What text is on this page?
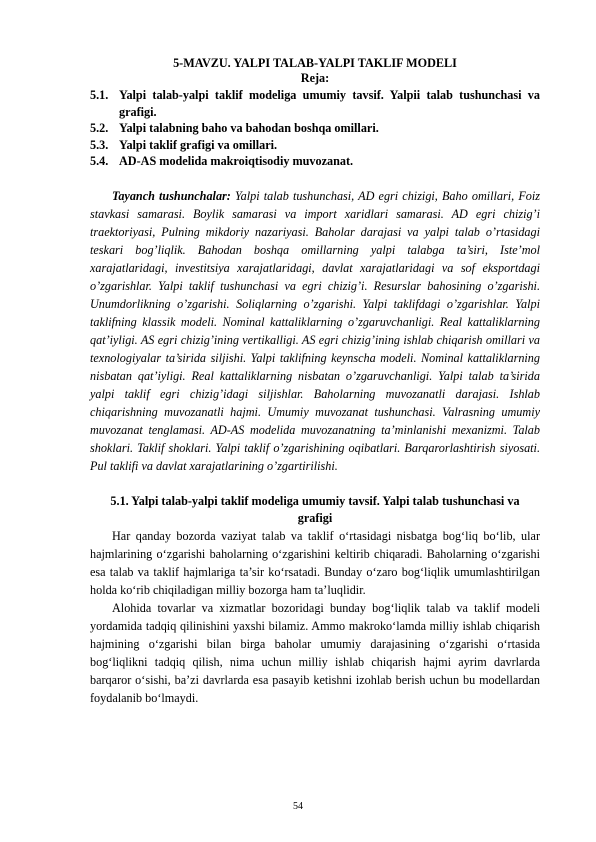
5-MAVZU. YALPI TALAB-YALPI TAKLIF MODELI

Reja:

5.1. Yalpi talab-yalpi taklif modeliga umumiy tavsif. Yalpii talab tushunchasi va grafigi.
5.2. Yalpi talabning baho va bahodan boshqa omillari.
5.3. Yalpi taklif grafigi va omillari.
5.4. AD-AS modelida makroiqtisodiy muvozanat.

Tayanch tushunchalar: Yalpi talab tushunchasi, AD egri chizigi, Baho omillari, Foiz stavkasi samarasi. Boylik samarasi va import xaridlari samarasi. AD egri chizig’i traektoriyasi, Pulning mikdoriy nazariyasi. Baholar darajasi va yalpi talab o’rtasidagi teskari bog’liqlik. Bahodan boshqa omillarning yalpi talabga ta’siri, Iste’mol xarajatlaridagi, investitsiya xarajatlaridagi, davlat xarajatlaridagi va sof eksportdagi o’zgarishlar. Yalpi taklif tushunchasi va egri chizig’i. Resurslar bahosining o’zgarishi. Unumdorlikning o’zgarishi. Soliqlarning o’zgarishi. Yalpi taklifdagi o’zgarishlar. Yalpi taklifning klassik modeli. Nominal kattaliklarning o’zgaruvchanligi. Real kattaliklarning qat’iyligi. AS egri chizig’ining vertikalligi. AS egri chizig’ining ishlab chiqarish omillari va texnologiyalar ta’sirida siljishi. Yalpi taklifning keynscha modeli. Nominal kattaliklarning nisbatan qat’iyligi. Real kattaliklarning nisbatan o’zgaruvchanligi. Yalpi talab ta’sirida yalpi taklif egri chizig’idagi siljishlar. Baholarning muvozanatli darajasi. Ishlab chiqarishning muvozanatli hajmi. Umumiy muvozanat tushunchasi. Valrasning umumiy muvozanat tenglamasi. AD-AS modelida muvozanatning ta’minlanishi mexanizmi. Talab shoklari. Taklif shoklari. Yalpi taklif o’zgarishining oqibatlari. Barqarorlashtirish siyosati. Pul taklifi va davlat xarajatlarining o’zgartirilishi.

5.1. Yalpi talab-yalpi taklif modeliga umumiy tavsif. Yalpi talab tushunchasi va grafigi

Har qanday bozorda vaziyat talab va taklif o‘rtasidagi nisbatga bog‘liq bo‘lib, ular hajmlarining o‘zgarishi baholarning o‘zgarishini keltirib chiqaradi. Baholarning o‘zgarishi esa talab va taklif hajmlariga ta’sir ko‘rsatadi. Bunday o‘zaro bog‘liqlik umumlashtirilgan holda ko‘rib chiqiladigan milliy bozorga ham ta’luqlidir.

Alohida tovarlar va xizmatlar bozoridagi bunday bog‘liqlik talab va taklif modeli yordamida tadqiq qilinishini yaxshi bilamiz. Ammo makroko‘lamda milliy ishlab chiqarish hajmining o‘zgarishi bilan birga baholar umumiy darajasining o‘zgarishi o‘rtasida bog‘liqlikni tadqiq qilish, nima uchun milliy ishlab chiqarish hajmi ayrim davrlarda barqaror o‘sishi, ba’zi davrlarda esa pasayib ketishni izohlab berish uchun bu modellardan foydalanib bo‘lmaydi.

54
